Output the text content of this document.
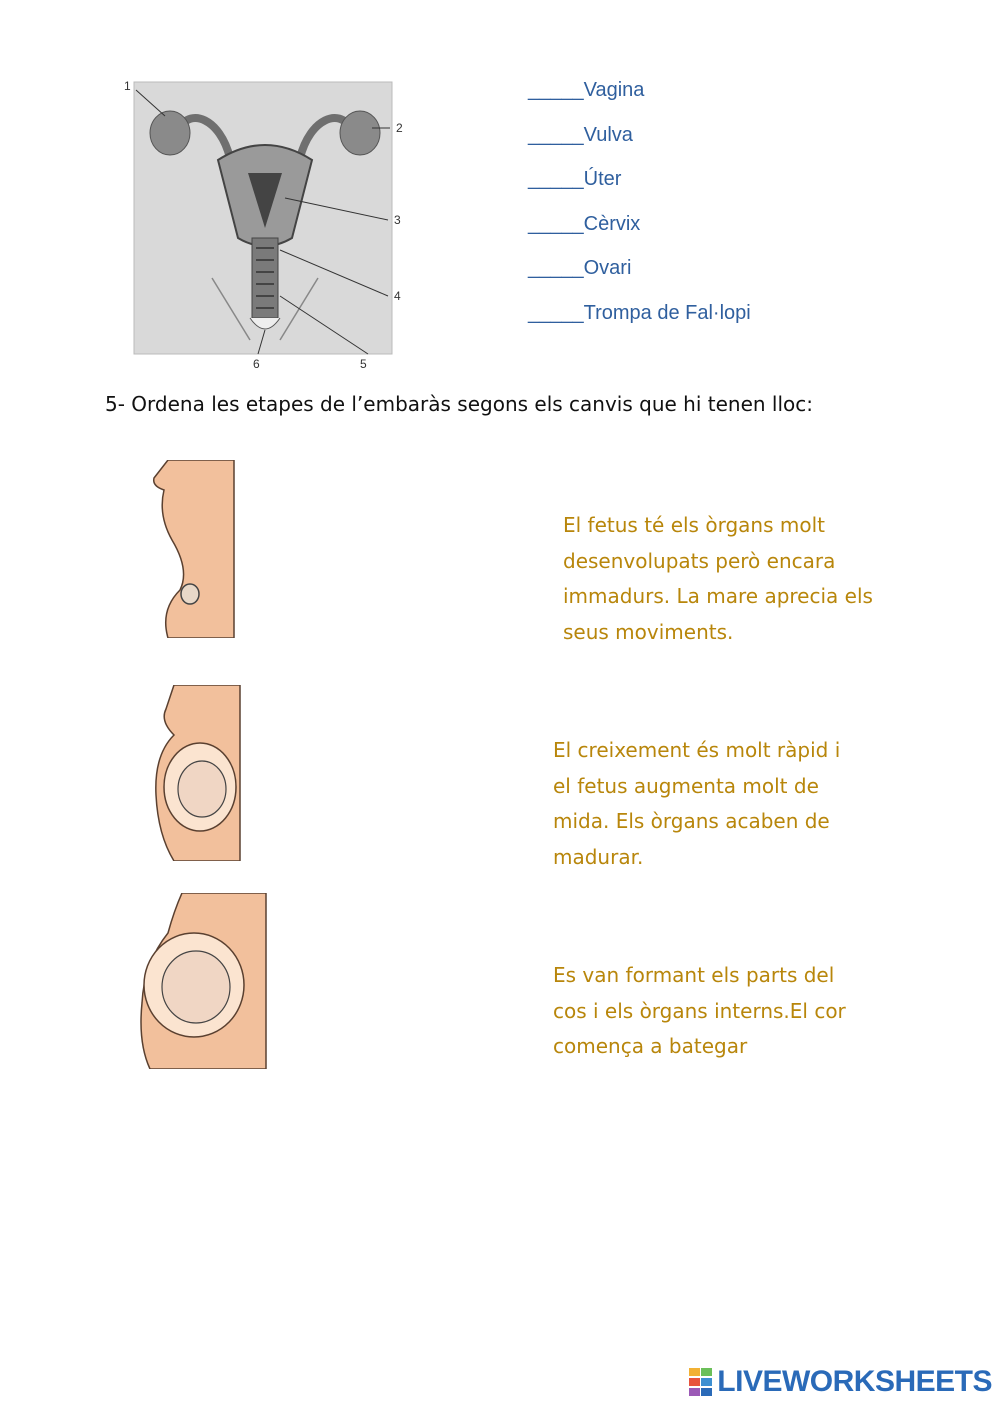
1
2
3
4
5
6
_____ Vagina
_____ Vulva
_____ Úter
_____ Cèrvix
_____ Ovari
_____ Trompa de Fal·lopi
5- Ordena les etapes de l’embaràs segons els canvis que hi tenen lloc:
El fetus té els òrgans molt
desenvolupats però encara
immadurs. La mare aprecia els
seus moviments.
El creixement és molt ràpid i
el fetus augmenta molt de
mida. Els òrgans acaben de
madurar.
Es van formant els parts del
cos i els òrgans interns.El cor
comença a bategar
LIVEWORKSHEETS
